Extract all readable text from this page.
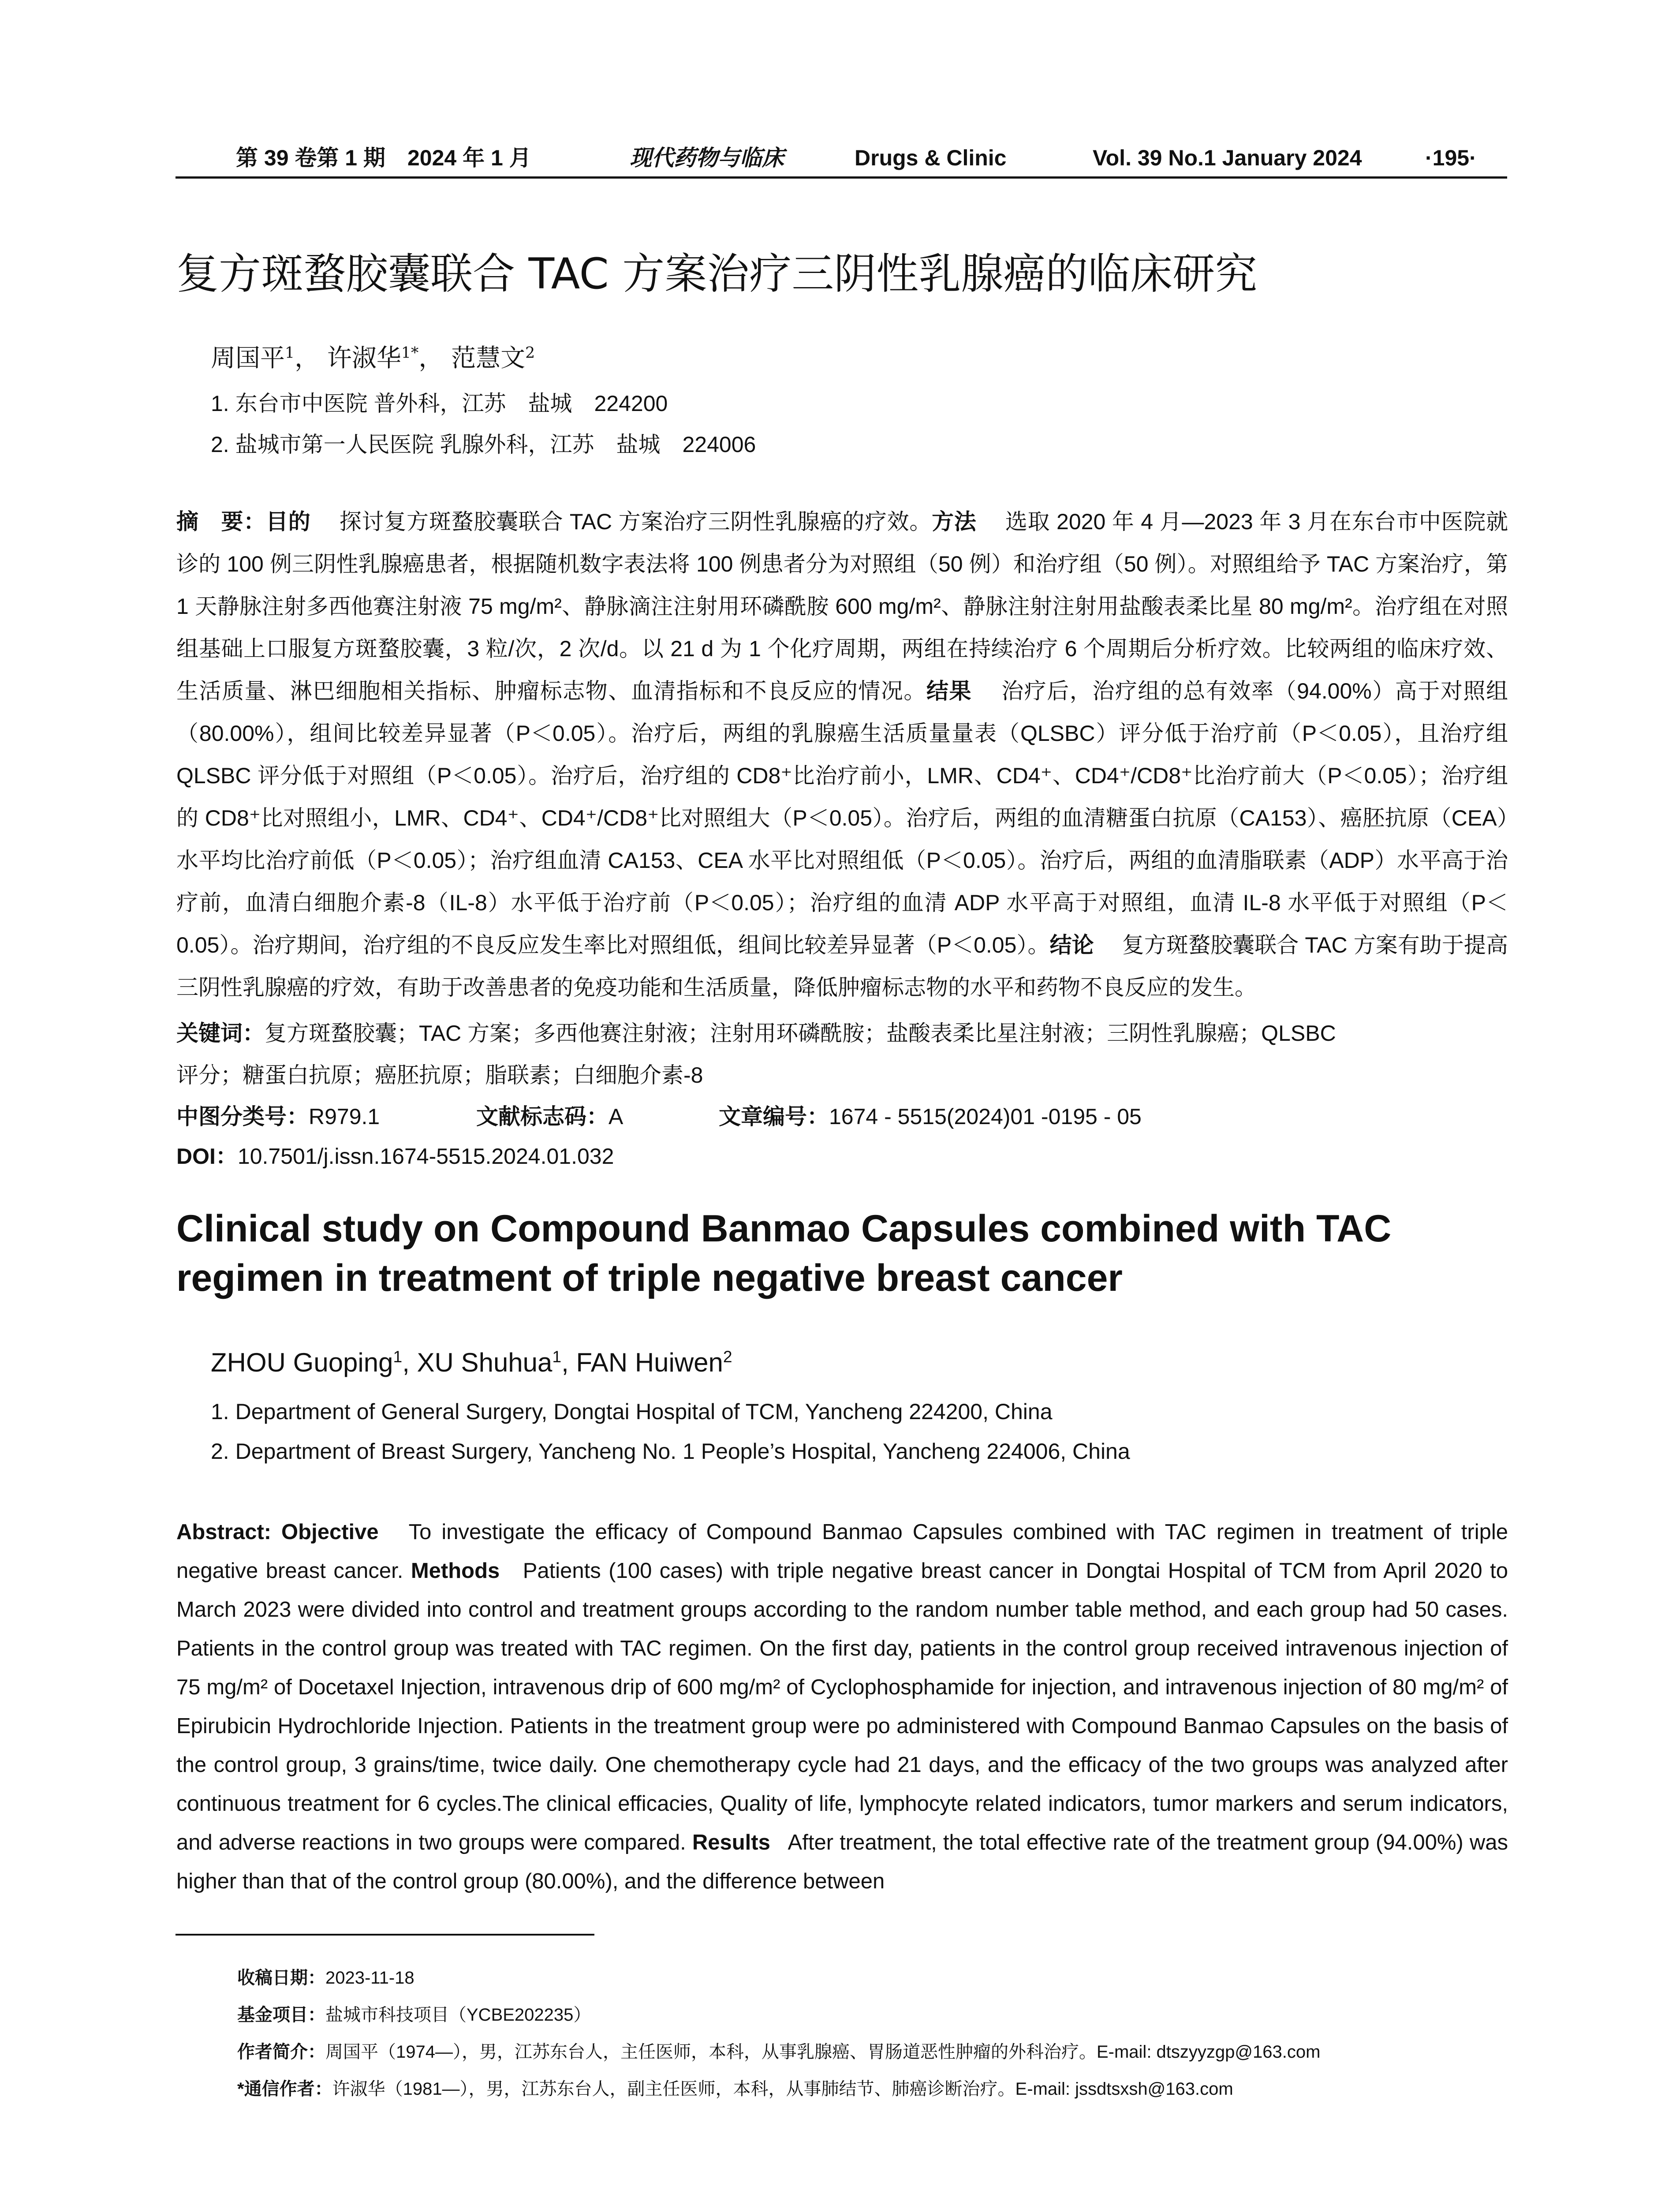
第 39 卷第 1 期　2024 年 1 月	现代药物与临床	Drugs & Clinic	Vol. 39 No.1 January 2024	·195·
复方斑蝥胶囊联合 TAC 方案治疗三阴性乳腺癌的临床研究
周国平$^1$， 许淑华$^{1*}$， 范慧文$^2$
1. 东台市中医院 普外科，江苏　盐城　224200
2. 盐城市第一人民医院 乳腺外科，江苏　盐城　224006

摘　要：目的　 探讨复方斑蝥胶囊联合 TAC 方案治疗三阴性乳腺癌的疗效。方法　 选取 2020 年 4 月—2023 年 3 月在东台市中医院就诊的 100 例三阴性乳腺癌患者，根据随机数字表法将 100 例患者分为对照组（50 例）和治疗组（50 例）。对照组给予 TAC 方案治疗，第 1 天静脉注射多西他赛注射液 75 mg/m²、静脉滴注注射用环磷酰胺 600 mg/m²、静脉注射注射用盐酸表柔比星 80 mg/m²。治疗组在对照组基础上口服复方斑蝥胶囊，3 粒/次，2 次/d。以 21 d 为 1 个化疗周期，两组在持续治疗 6 个周期后分析疗效。比较两组的临床疗效、生活质量、淋巴细胞相关指标、肿瘤标志物、血清指标和不良反应的情况。结果　 治疗后，治疗组的总有效率（94.00%）高于对照组（80.00%），组间比较差异显著（P＜0.05）。治疗后，两组的乳腺癌生活质量量表（QLSBC）评分低于治疗前（P＜0.05），且治疗组 QLSBC 评分低于对照组（P＜0.05）。治疗后，治疗组的 CD8⁺比治疗前小，LMR、CD4⁺、CD4⁺/CD8⁺比治疗前大（P＜0.05）；治疗组的 CD8⁺比对照组小，LMR、CD4⁺、CD4⁺/CD8⁺比对照组大（P＜0.05）。治疗后，两组的血清糖蛋白抗原（CA153）、癌胚抗原（CEA）水平均比治疗前低（P＜0.05）；治疗组血清 CA153、CEA 水平比对照组低（P＜0.05）。治疗后，两组的血清脂联素（ADP）水平高于治疗前，血清白细胞介素-8（IL-8）水平低于治疗前（P＜0.05）；治疗组的血清 ADP 水平高于对照组，血清 IL-8 水平低于对照组（P＜0.05）。治疗期间，治疗组的不良反应发生率比对照组低，组间比较差异显著（P＜0.05）。结论　 复方斑蝥胶囊联合 TAC 方案有助于提高三阴性乳腺癌的疗效，有助于改善患者的免疫功能和生活质量，降低肿瘤标志物的水平和药物不良反应的发生。

关键词：复方斑蝥胶囊；TAC 方案；多西他赛注射液；注射用环磷酰胺；盐酸表柔比星注射液；三阴性乳腺癌；QLSBC
评分；糖蛋白抗原；癌胚抗原；脂联素；白细胞介素-8
中图分类号：R979.1	文献标志码：A	文章编号：1674 - 5515(2024)01 -0195 - 05
DOI：10.7501/j.issn.1674-5515.2024.01.032

Clinical study on Compound Banmao Capsules combined with TAC regimen in treatment of triple negative breast cancer

ZHOU Guoping$^1$, XU Shuhua$^1$, FAN Huiwen$^2$
1. Department of General Surgery, Dongtai Hospital of TCM, Yancheng 224200, China
2. Department of Breast Surgery, Yancheng No. 1 People’s Hospital, Yancheng 224006, China

Abstract: Objective To investigate the efficacy of Compound Banmao Capsules combined with TAC regimen in treatment of triple negative breast cancer. Methods Patients (100 cases) with triple negative breast cancer in Dongtai Hospital of TCM from April 2020 to March 2023 were divided into control and treatment groups according to the random number table method, and each group had 50 cases. Patients in the control group was treated with TAC regimen. On the first day, patients in the control group received intravenous injection of 75 mg/m² of Docetaxel Injection, intravenous drip of 600 mg/m² of Cyclophosphamide for injection, and intravenous injection of 80 mg/m² of Epirubicin Hydrochloride Injection. Patients in the treatment group were po administered with Compound Banmao Capsules on the basis of the control group, 3 grains/time, twice daily. One chemotherapy cycle had 21 days, and the efficacy of the two groups was analyzed after continuous treatment for 6 cycles.The clinical efficacies, Quality of life, lymphocyte related indicators, tumor markers and serum indicators, and adverse reactions in two groups were compared. Results After treatment, the total effective rate of the treatment group (94.00%) was higher than that of the control group (80.00%), and the difference between

收稿日期：2023-11-18
基金项目：盐城市科技项目（YCBE202235）
作者简介：周国平（1974—），男，江苏东台人，主任医师，本科，从事乳腺癌、胃肠道恶性肿瘤的外科治疗。E-mail: dtszyyzgp@163.com
*通信作者：许淑华（1981—），男，江苏东台人，副主任医师，本科，从事肺结节、肺癌诊断治疗。E-mail: jssdtsxsh@163.com
